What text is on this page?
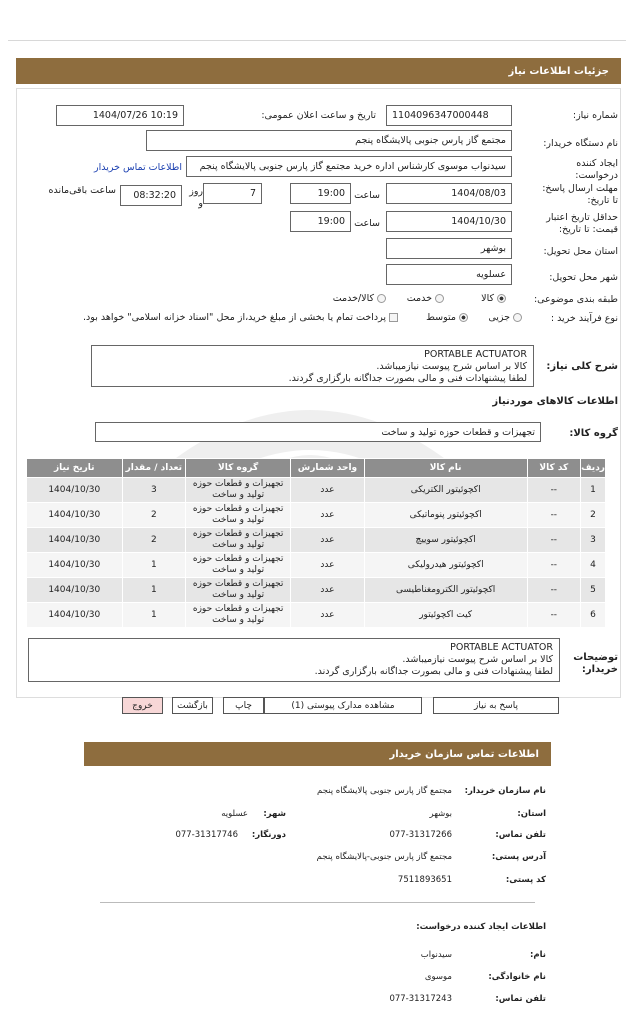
جزئیات اطلاعات نیاز
شماره نیاز:
1104096347000448
تاریخ و ساعت اعلان عمومی:
1404/07/26 10:19
نام دستگاه خریدار:
مجتمع گاز پارس جنوبی پالایشگاه پنجم
ایجاد کننده درخواست:
سیدنواب موسوی کارشناس اداره خرید مجتمع گاز پارس جنوبی پالایشگاه پنجم
اطلاعات تماس خریدار
مهلت ارسال پاسخ: تا تاریخ:
1404/08/03
ساعت
19:00
7
روز و
08:32:20
ساعت باقی‌مانده
حداقل تاریخ اعتبار قیمت: تا تاریخ:
1404/10/30
ساعت
19:00
استان محل تحویل:
بوشهر
شهر محل تحویل:
عسلویه
طبقه بندی موضوعی:
کالا
خدمت
کالا/خدمت
نوع فرآیند خرید :
جزیی
متوسط
پرداخت تمام یا بخشی از مبلغ خرید،از محل "اسناد خزانه اسلامی" خواهد بود.
شرح کلی نیاز:
PORTABLE ACTUATOR
کالا بر اساس شرح پیوست نیازمیباشد.
لطفا پیشنهادات فنی و مالی بصورت جداگانه بارگزاری گردند.
اطلاعات کالاهای موردنیاز
گروه کالا:
تجهیزات و قطعات حوزه تولید و ساخت
ردیف	کد کالا	نام کالا	واحد شمارش	گروه کالا	تعداد / مقدار	تاریخ نیاز
1	--	اکچوئیتور الکتریکی	عدد	تجهیزات و قطعات حوزه تولید و ساخت	3	1404/10/30
2	--	اکچوئیتور پنوماتیکی	عدد	تجهیزات و قطعات حوزه تولید و ساخت	2	1404/10/30
3	--	اکچوئیتور سوییچ	عدد	تجهیزات و قطعات حوزه تولید و ساخت	2	1404/10/30
4	--	اکچوئیتور هیدرولیکی	عدد	تجهیزات و قطعات حوزه تولید و ساخت	1	1404/10/30
5	--	اکچوئیتور الکترومغناطیسی	عدد	تجهیزات و قطعات حوزه تولید و ساخت	1	1404/10/30
6	--	کیت اکچوئیتور	عدد	تجهیزات و قطعات حوزه تولید و ساخت	1	1404/10/30
توضیحات خریدار:
PORTABLE ACTUATOR
کالا بر اساس شرح پیوست نیازمیباشد.
لطفا پیشنهادات فنی و مالی بصورت جداگانه بارگزاری گردند.
پاسخ به نیاز
مشاهده مدارک پیوستی (1)
چاپ
بازگشت
خروج
اطلاعات تماس سازمان خریدار
نام سازمان خریدار:
مجتمع گاز پارس جنوبی پالایشگاه پنجم
استان:
بوشهر
شهر:
عسلویه
تلفن تماس:
077-31317266
دورنگار:
077-31317746
آدرس پستی:
مجتمع گاز پارس جنوبی-پالایشگاه پنجم
کد پستی:
7511893651
اطلاعات ایجاد کننده درخواست:
نام:
سیدنواب
نام خانوادگی:
موسوی
تلفن تماس:
077-31317243
